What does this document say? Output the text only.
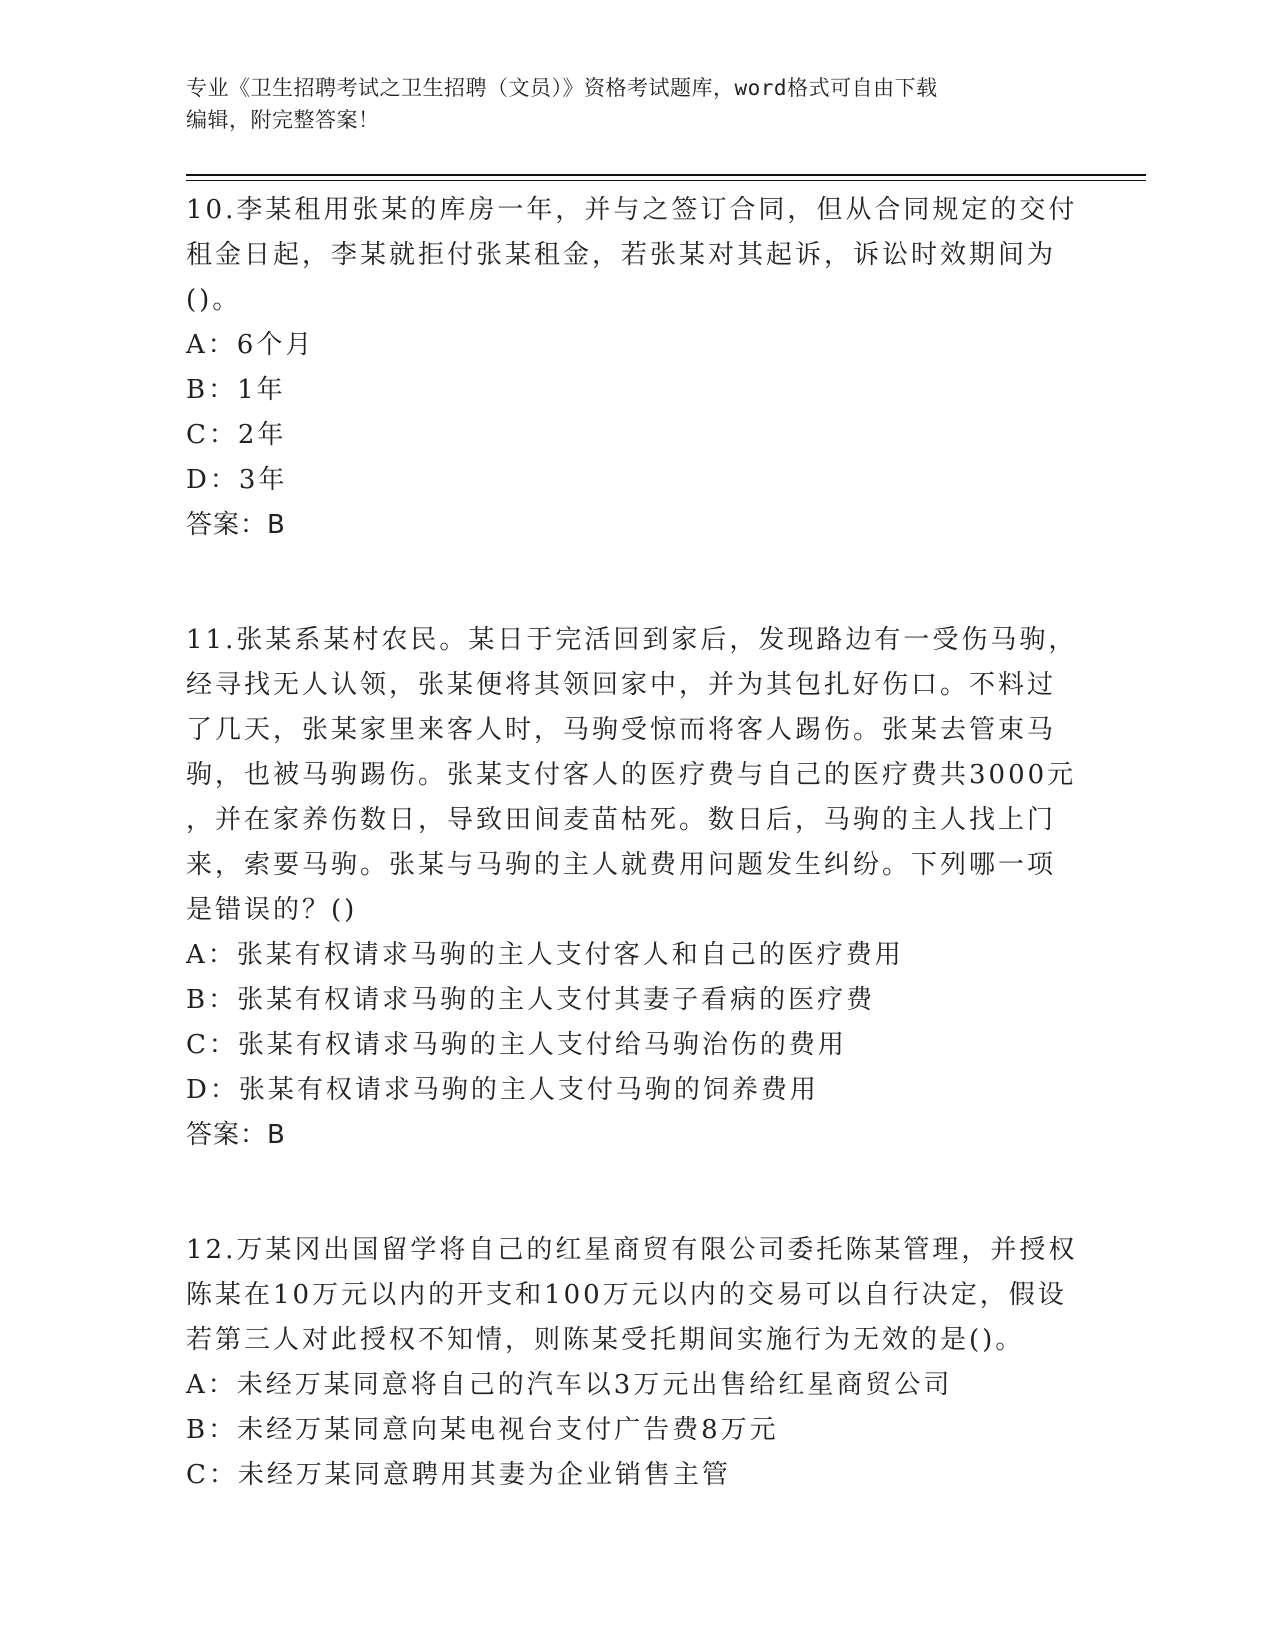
专业《卫生招聘考试之卫生招聘（文员）》资格考试题库，word格式可自由下载
编辑，附完整答案！
10.李某租用张某的库房一年，并与之签订合同，但从合同规定的交付
租金日起，李某就拒付张某租金，若张某对其起诉，诉讼时效期间为
()。
A：6个月
B：1年
C：2年
D：3年
答案：B
11.张某系某村农民。某日于完活回到家后，发现路边有一受伤马驹，
经寻找无人认领，张某便将其领回家中，并为其包扎好伤口。不料过
了几天，张某家里来客人时，马驹受惊而将客人踢伤。张某去管束马
驹，也被马驹踢伤。张某支付客人的医疗费与自己的医疗费共3000元
，并在家养伤数日，导致田间麦苗枯死。数日后，马驹的主人找上门
来，索要马驹。张某与马驹的主人就费用问题发生纠纷。下列哪一项
是错误的？()
A：张某有权请求马驹的主人支付客人和自己的医疗费用
B：张某有权请求马驹的主人支付其妻子看病的医疗费
C：张某有权请求马驹的主人支付给马驹治伤的费用
D：张某有权请求马驹的主人支付马驹的饲养费用
答案：B
12.万某冈出国留学将自己的红星商贸有限公司委托陈某管理，并授权
陈某在10万元以内的开支和100万元以内的交易可以自行决定，假设
若第三人对此授权不知情，则陈某受托期间实施行为无效的是()。
A：未经万某同意将自己的汽车以3万元出售给红星商贸公司
B：未经万某同意向某电视台支付广告费8万元
C：未经万某同意聘用其妻为企业销售主管
